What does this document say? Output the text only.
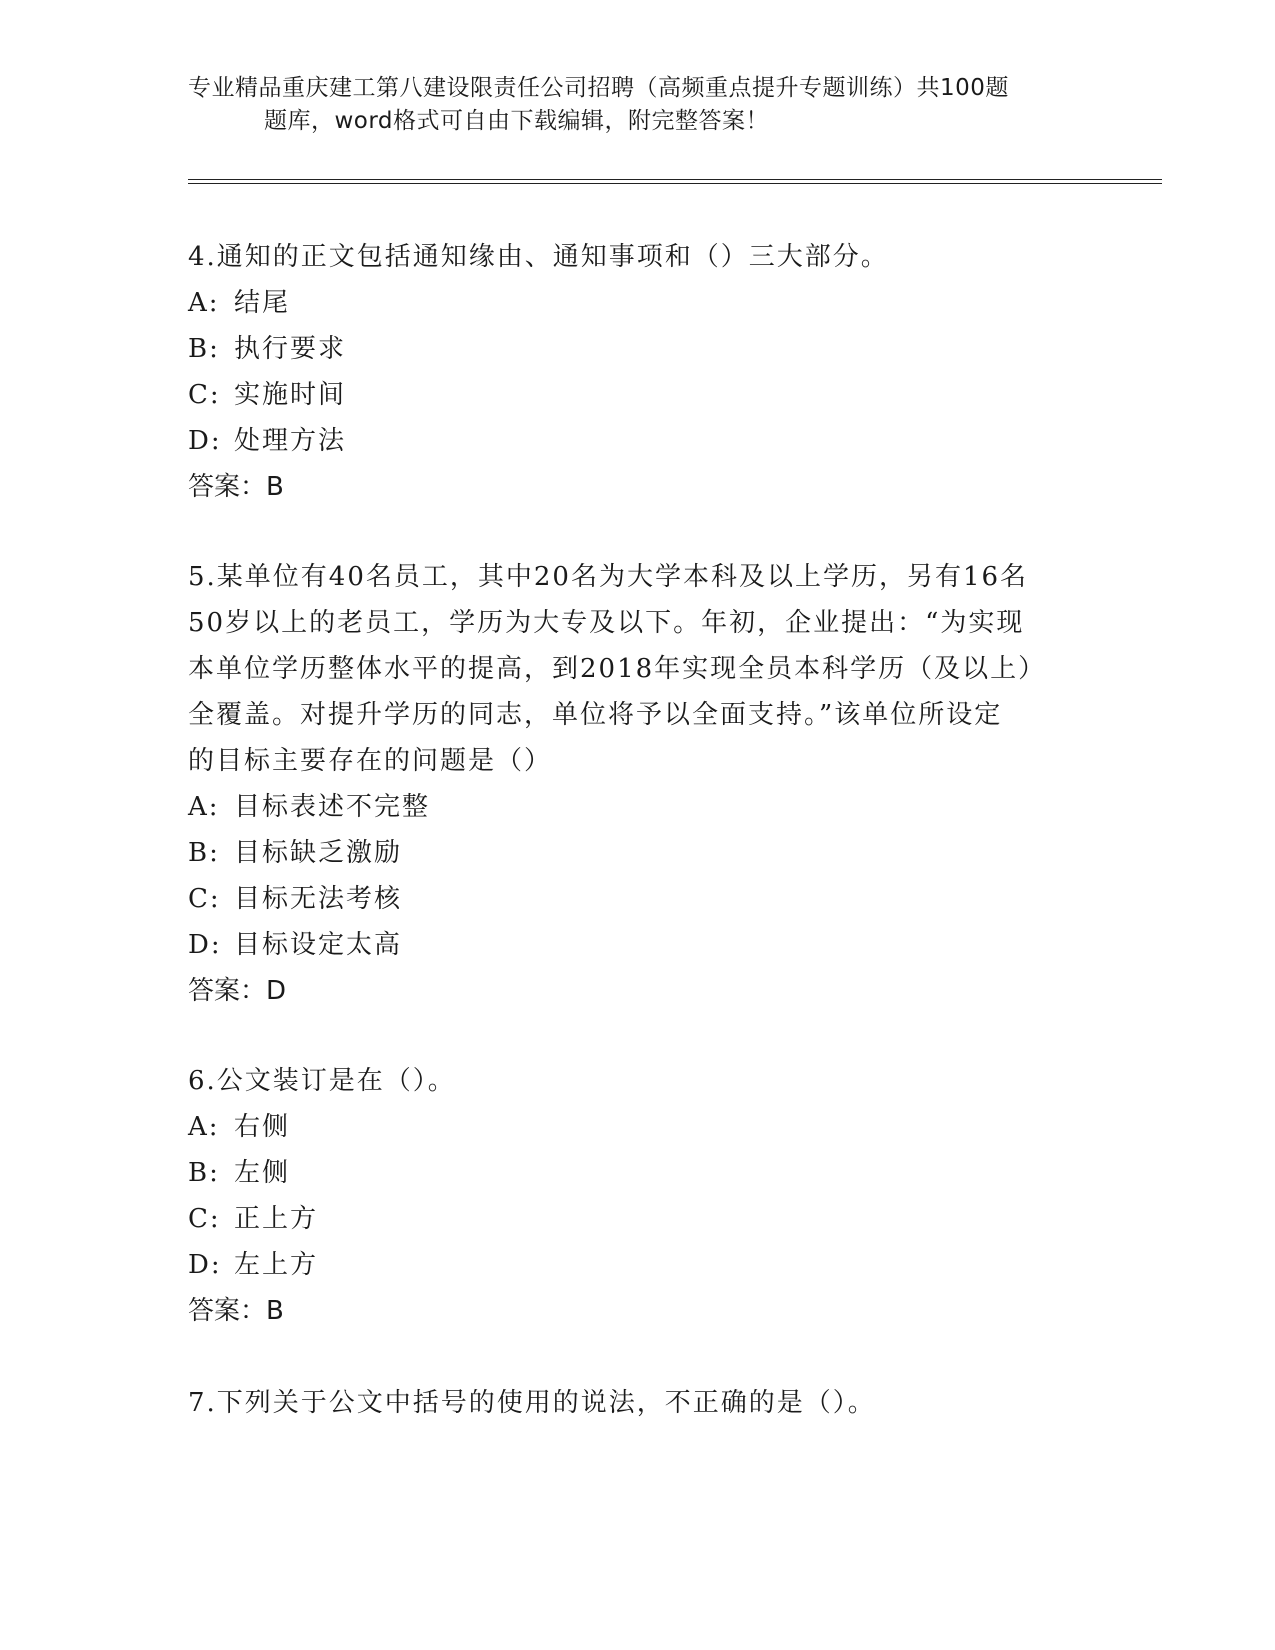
专业精品重庆建工第八建设限责任公司招聘（高频重点提升专题训练）共100题
题库，word格式可自由下载编辑，附完整答案！
4.通知的正文包括通知缘由、通知事项和（）三大部分。
A: 结尾
B: 执行要求
C: 实施时间
D: 处理方法
答案：B
5.某单位有40名员工，其中20名为大学本科及以上学历，另有16名
50岁以上的老员工，学历为大专及以下。年初，企业提出：“为实现
本单位学历整体水平的提高，到2018年实现全员本科学历（及以上）
全覆盖。对提升学历的同志，单位将予以全面支持。”该单位所设定
的目标主要存在的问题是（）
A: 目标表述不完整
B: 目标缺乏激励
C: 目标无法考核
D: 目标设定太高
答案：D
6.公文装订是在（）。
A: 右侧
B: 左侧
C: 正上方
D: 左上方
答案：B
7.下列关于公文中括号的使用的说法，不正确的是（）。
